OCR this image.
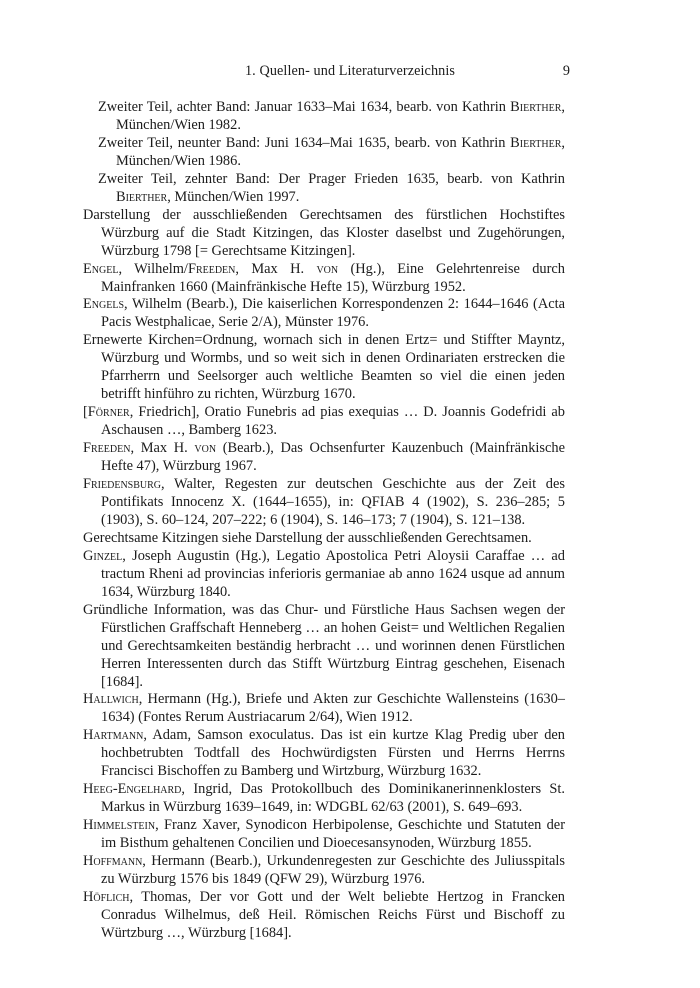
1. Quellen- und Literaturverzeichnis	9

Zweiter Teil, achter Band: Januar 1633–Mai 1634, bearb. von Kathrin Bierther, München/Wien 1982.

Zweiter Teil, neunter Band: Juni 1634–Mai 1635, bearb. von Kathrin Bierther, München/Wien 1986.

Zweiter Teil, zehnter Band: Der Prager Frieden 1635, bearb. von Kathrin Bierther, München/Wien 1997.

Darstellung der ausschließenden Gerechtsamen des fürstlichen Hochstiftes Würzburg auf die Stadt Kitzingen, das Kloster daselbst und Zugehörungen, Würzburg 1798 [= Gerechtsame Kitzingen].

Engel, Wilhelm/Freeden, Max H. von (Hg.), Eine Gelehrtenreise durch Mainfranken 1660 (Mainfränkische Hefte 15), Würzburg 1952.

Engels, Wilhelm (Bearb.), Die kaiserlichen Korrespondenzen 2: 1644–1646 (Acta Pacis Westphalicae, Serie 2/A), Münster 1976.

Ernewerte Kirchen=Ordnung, wornach sich in denen Ertz= und Stiffter Mayntz, Würzburg und Wormbs, und so weit sich in denen Ordinariaten erstrecken die Pfarrherrn und Seelsorger auch weltliche Beamten so viel die einen jeden betrifft hinführo zu richten, Würzburg 1670.

[Förner, Friedrich], Oratio Funebris ad pias exequias … D. Joannis Godefridi ab Aschausen …, Bamberg 1623.

Freeden, Max H. von (Bearb.), Das Ochsenfurter Kauzenbuch (Mainfränkische Hefte 47), Würzburg 1967.

Friedensburg, Walter, Regesten zur deutschen Geschichte aus der Zeit des Pontifikats Innocenz X. (1644–1655), in: QFIAB 4 (1902), S. 236–285; 5 (1903), S. 60–124, 207–222; 6 (1904), S. 146–173; 7 (1904), S. 121–138.

Gerechtsame Kitzingen siehe Darstellung der ausschließenden Gerechtsamen.

Ginzel, Joseph Augustin (Hg.), Legatio Apostolica Petri Aloysii Caraffae … ad tractum Rheni ad provincias inferioris germaniae ab anno 1624 usque ad annum 1634, Würzburg 1840.

Gründliche Information, was das Chur- und Fürstliche Haus Sachsen wegen der Fürstlichen Graffschaft Henneberg … an hohen Geist= und Weltlichen Regalien und Gerechtsamkeiten beständig herbracht … und worinnen denen Fürstlichen Herren Interessenten durch das Stifft Würtzburg Eintrag geschehen, Eisenach [1684].

Hallwich, Hermann (Hg.), Briefe und Akten zur Geschichte Wallensteins (1630–1634) (Fontes Rerum Austriacarum 2/64), Wien 1912.

Hartmann, Adam, Samson exoculatus. Das ist ein kurtze Klag Predig uber den hochbetrubten Todtfall des Hochwürdigsten Fürsten und Herrns Herrns Francisci Bischoffen zu Bamberg und Wirtzburg, Würzburg 1632.

Heeg-Engelhard, Ingrid, Das Protokollbuch des Dominikanerinnenklosters St. Markus in Würzburg 1639–1649, in: WDGBL 62/63 (2001), S. 649–693.

Himmelstein, Franz Xaver, Synodicon Herbipolense, Geschichte und Statuten der im Bisthum gehaltenen Concilien und Dioecesansynoden, Würzburg 1855.

Hoffmann, Hermann (Bearb.), Urkundenregesten zur Geschichte des Juliusspitals zu Würzburg 1576 bis 1849 (QFW 29), Würzburg 1976.

Höflich, Thomas, Der vor Gott und der Welt beliebte Hertzog in Francken Conradus Wilhelmus, deß Heil. Römischen Reichs Fürst und Bischoff zu Würtzburg …, Würzburg [1684].
